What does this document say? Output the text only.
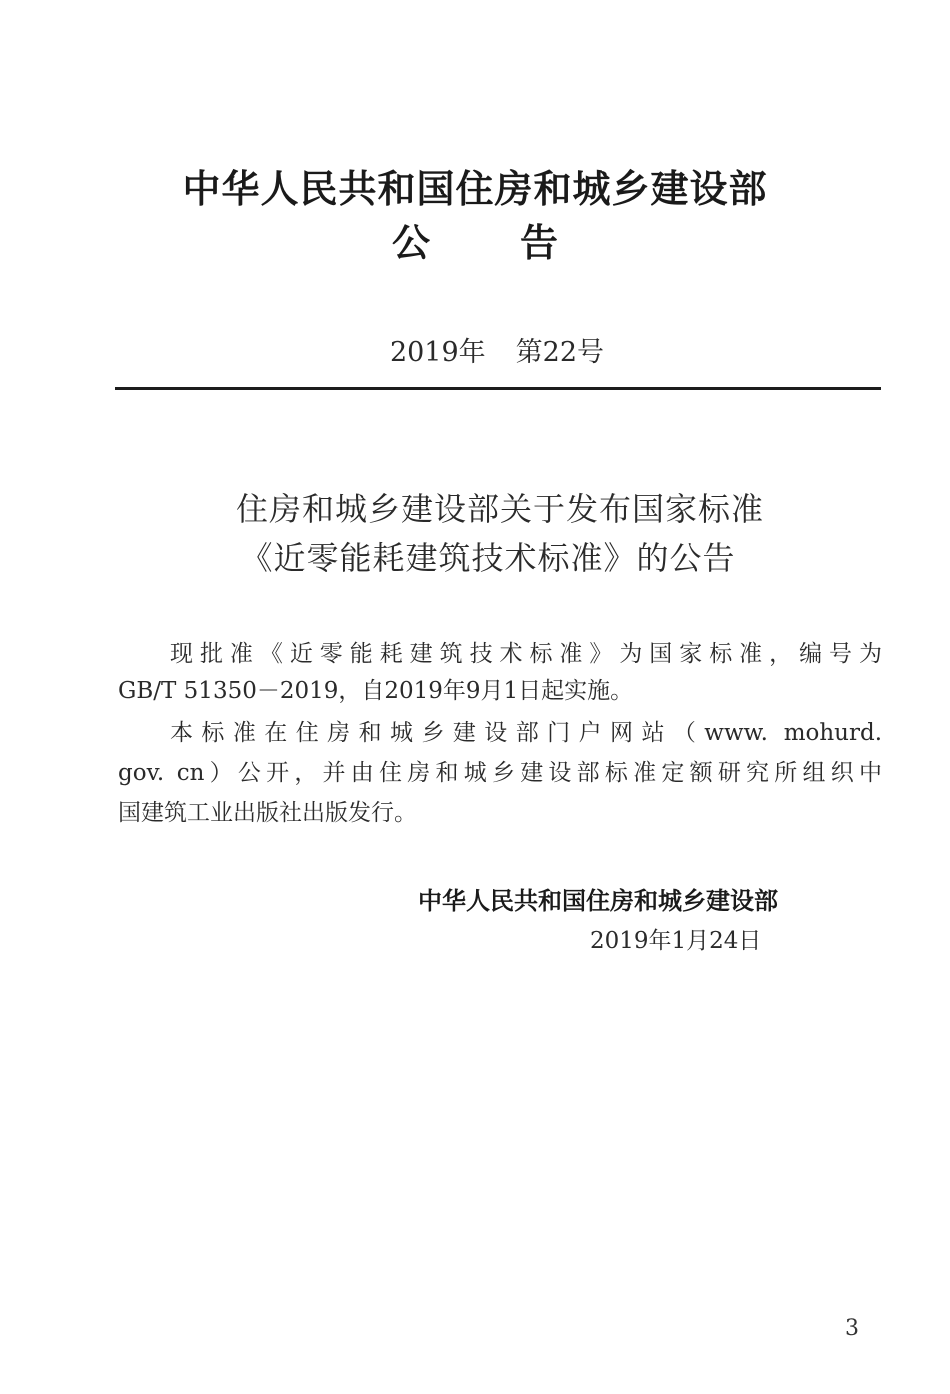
中华人民共和国住房和城乡建设部
公 告
2019年 第22号
住房和城乡建设部关于发布国家标准
《近零能耗建筑技术标准》的公告
现批准《近零能耗建筑技术标准》为国家标准，编号为
GB/T 51350－2019，自2019年9月1日起实施。
本标准在住房和城乡建设部门户网站（www. mohurd.
gov. cn）公开，并由住房和城乡建设部标准定额研究所组织中
国建筑工业出版社出版发行。
中华人民共和国住房和城乡建设部
2019年1月24日
3
